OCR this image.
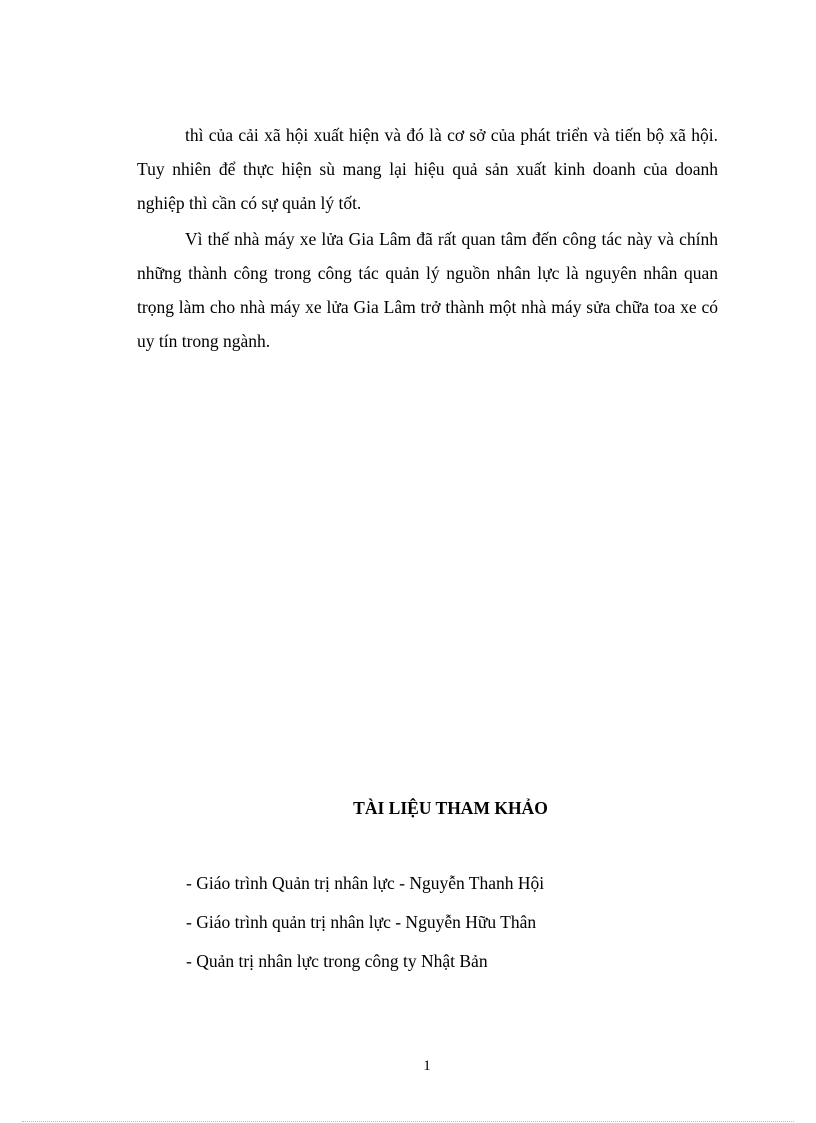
thì của cải xã hội xuất hiện và đó là cơ sở của phát triển và tiến bộ xã hội. Tuy nhiên để thực hiện sù mang lại hiệu quả sản xuất kinh doanh của doanh nghiệp thì cần có sự quản lý tốt.

Vì thế nhà máy xe lửa Gia Lâm đã rất quan tâm đến công tác này và chính những thành công trong công tác quản lý nguồn nhân lực là nguyên nhân quan trọng làm cho nhà máy xe lửa Gia Lâm trở thành một nhà máy sửa chữa toa xe có uy tín trong ngành.

TÀI LIỆU THAM KHẢO
- Giáo trình Quản trị nhân lực - Nguyễn Thanh Hội
- Giáo trình quản trị nhân lực - Nguyễn Hữu Thân
- Quản trị nhân lực trong công ty Nhật Bản
1
